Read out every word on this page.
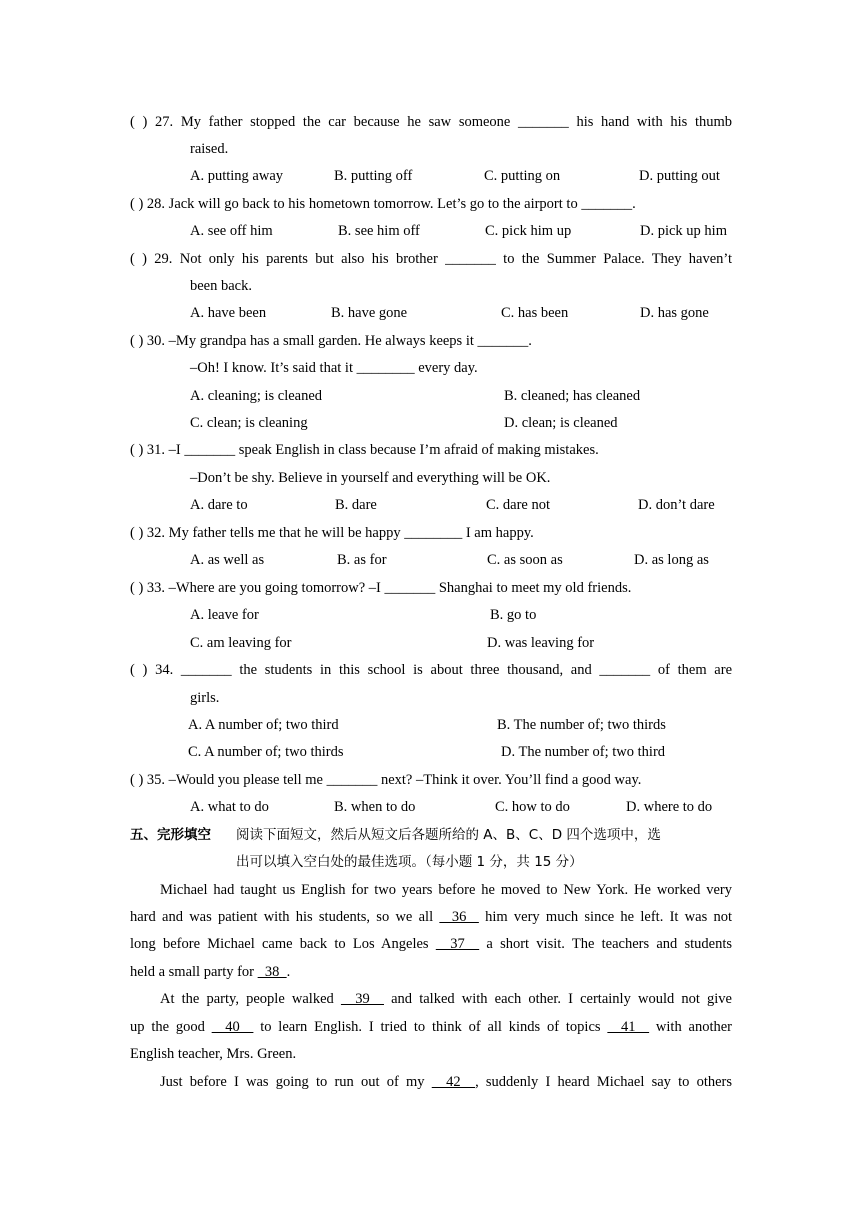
( ) 27. My father stopped the car because he saw someone _______ his hand with his thumb
raised.
A. putting away	B. putting off	C. putting on	D. putting out
( ) 28. Jack will go back to his hometown tomorrow. Let’s go to the airport to _______.
A. see off him	B. see him off	C. pick him up	D. pick up him
( ) 29. Not only his parents but also his brother _______ to the Summer Palace. They haven’t
been back.
A. have been	B. have gone	C. has been	D. has gone
( ) 30. –My grandpa has a small garden. He always keeps it _______.
–Oh! I know. It’s said that it ________ every day.
A. cleaning; is cleaned	B. cleaned; has cleaned
C. clean; is cleaning	D. clean; is cleaned
( ) 31. –I _______ speak English in class because I’m afraid of making mistakes.
–Don’t be shy. Believe in yourself and everything will be OK.
A. dare to	B. dare	C. dare not	D. don’t dare
( ) 32. My father tells me that he will be happy ________ I am happy.
A. as well as	B. as for	C. as soon as	D. as long as
( ) 33. –Where are you going tomorrow? –I _______ Shanghai to meet my old friends.
A. leave for	B. go to
C. am leaving for	D. was leaving for
( ) 34. _______ the students in this school is about three thousand, and _______ of them are
girls.
A. A number of; two third	B. The number of; two thirds
C. A number of; two thirds	D. The number of; two third
( ) 35. –Would you please tell me _______ next? –Think it over. You’ll find a good way.
A. what to do	B. when to do	C. how to do	D. where to do
五、完形填空 阅读下面短文，然后从短文后各题所给的 A、B、C、D 四个选项中，选
出可以填入空白处的最佳选项。（每小题 1 分，共 15 分）
Michael had taught us English for two years before he moved to New York. He worked very
hard and was patient with his students, so we all   36   him very much since he left. It was not
long before Michael came back to Los Angeles   37   a short visit. The teachers and students
held a small party for   38  .
At the party, people walked   39   and talked with each other. I certainly would not give
up the good   40   to learn English. I tried to think of all kinds of topics   41   with another
English teacher, Mrs. Green.
Just before I was going to run out of my   42  , suddenly I heard Michael say to others
